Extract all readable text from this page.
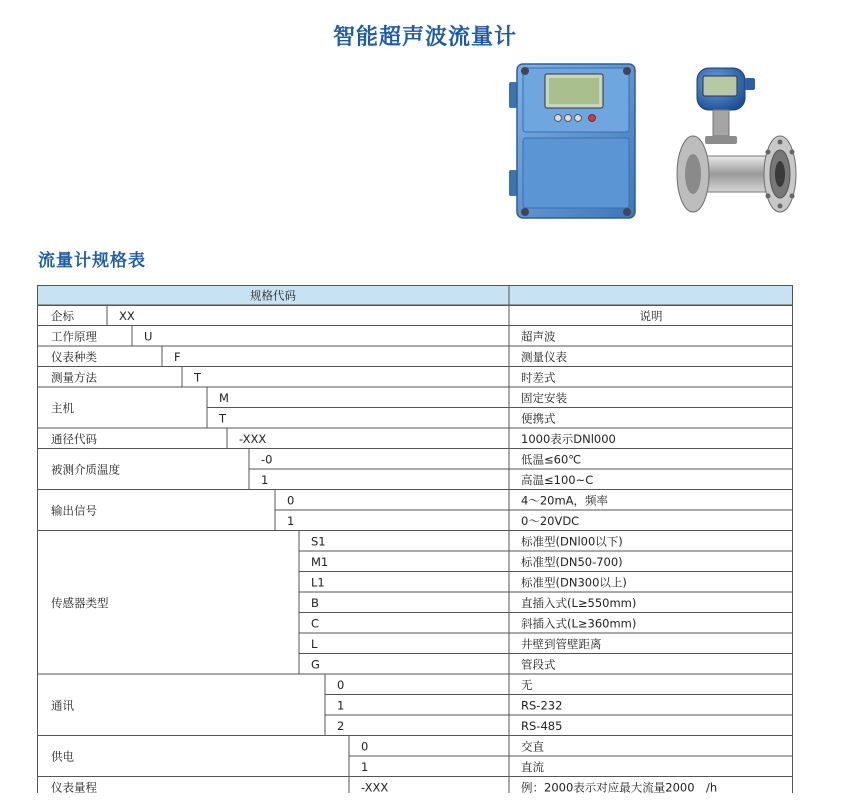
智能超声波流量计
流量计规格表
规格代码
企标	XX	说明
工作原理	U	超声波
仪表种类	F	测量仪表
测量方法	T	时差式
主机
M	固定安装
T	便携式
通径代码	-XXX	1000表示DNl000
被测介质温度
-0	低温≤60℃
1	高温≤100~C
输出信号
0	4～20mA，频率
1	0～20VDC
传感器类型
S1	标准型(DNl00以下)
M1	标准型(DN50-700)
L1	标准型(DN300以上)
B	直插入式(L≥550mm)
C	斜插入式(L≥360mm)
L	井壁到管壁距离
G	管段式
通讯
0	无
1	RS-232
2	RS-485
供电
0	交直
1	直流
仪表量程	-XXX	例：2000表示对应最大流量2000　/h
